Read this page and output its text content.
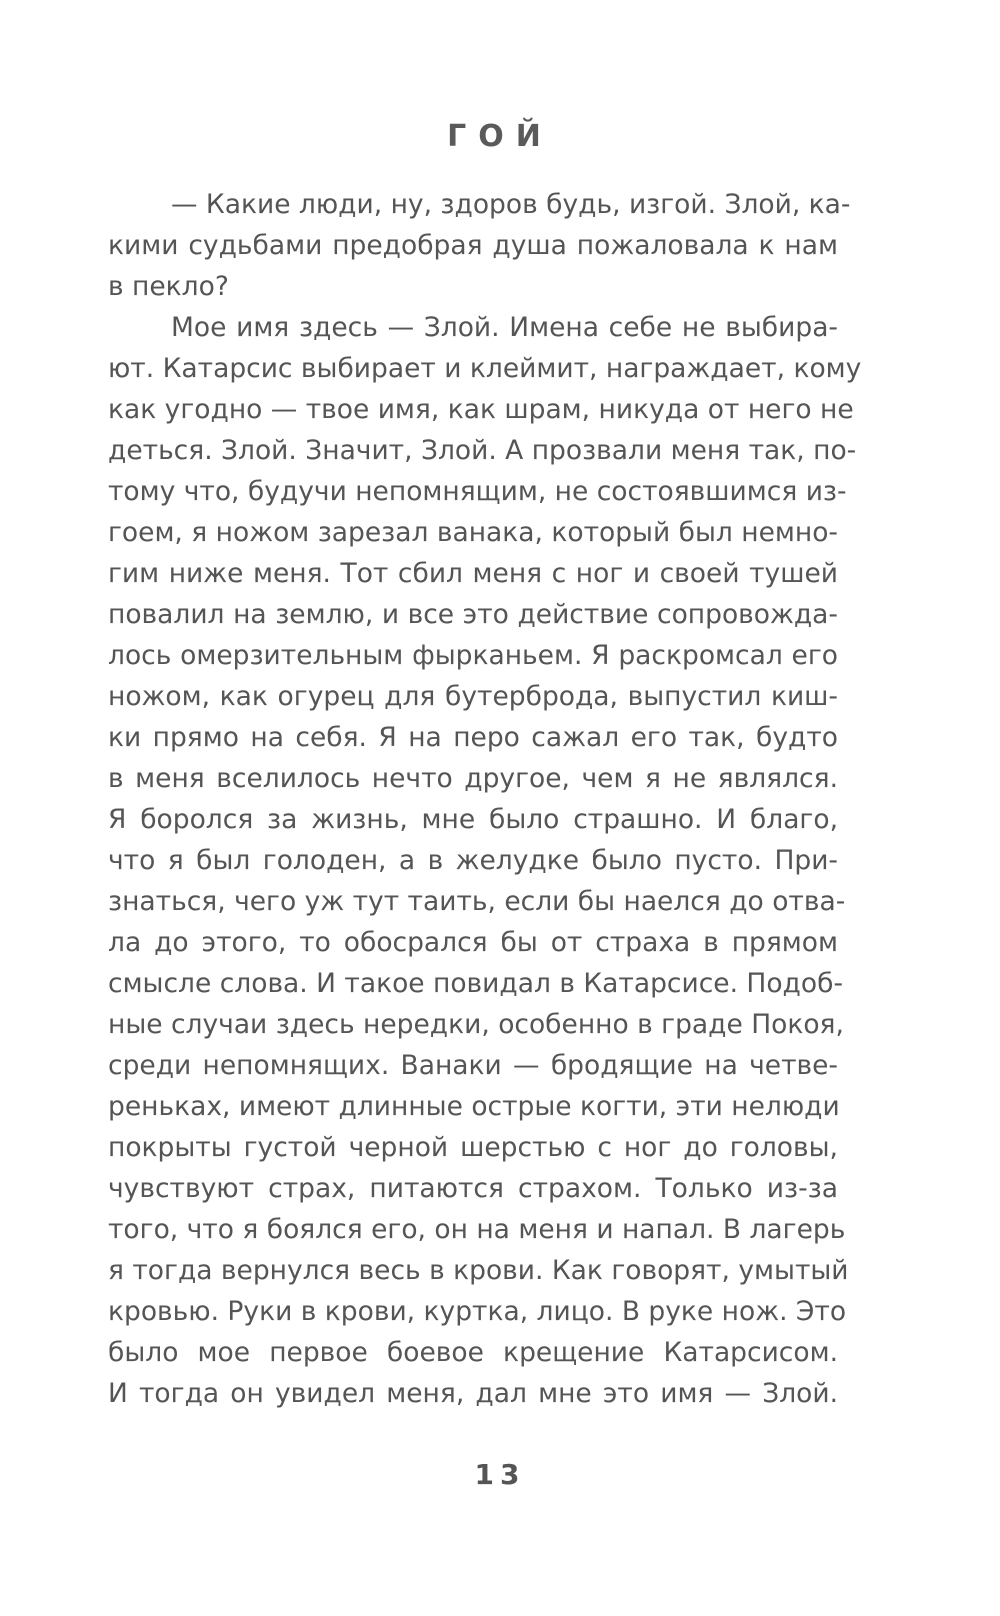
ГОЙ
— Какие люди, ну, здоров будь, изгой. Злой, ка-
кими судьбами предобрая душа пожаловала к нам
в пекло?
Мое имя здесь — Злой. Имена себе не выбира-
ют. Катарсис выбирает и клеймит, награждает, кому
как угодно — твое имя, как шрам, никуда от него не
деться. Злой. Значит, Злой. А прозвали меня так, по-
тому что, будучи непомнящим, не состоявшимся из-
гоем, я ножом зарезал ванака, который был немно-
гим ниже меня. Тот сбил меня с ног и своей тушей
повалил на землю, и все это действие сопровожда-
лось омерзительным фырканьем. Я раскромсал его
ножом, как огурец для бутерброда, выпустил киш-
ки прямо на себя. Я на перо сажал его так, будто
в меня вселилось нечто другое, чем я не являлся.
Я боролся за жизнь, мне было страшно. И благо,
что я был голоден, а в желудке было пусто. При-
знаться, чего уж тут таить, если бы наелся до отва-
ла до этого, то обосрался бы от страха в прямом
смысле слова. И такое повидал в Катарсисе. Подоб-
ные случаи здесь нередки, особенно в граде Покоя,
среди непомнящих. Ванаки — бродящие на четве-
реньках, имеют длинные острые когти, эти нелюди
покрыты густой черной шерстью с ног до головы,
чувствуют страх, питаются страхом. Только из-за
того, что я боялся его, он на меня и напал. В лагерь
я тогда вернулся весь в крови. Как говорят, умытый
кровью. Руки в крови, куртка, лицо. В руке нож. Это
было мое первое боевое крещение Катарсисом.
И тогда он увидел меня, дал мне это имя — Злой.
13
